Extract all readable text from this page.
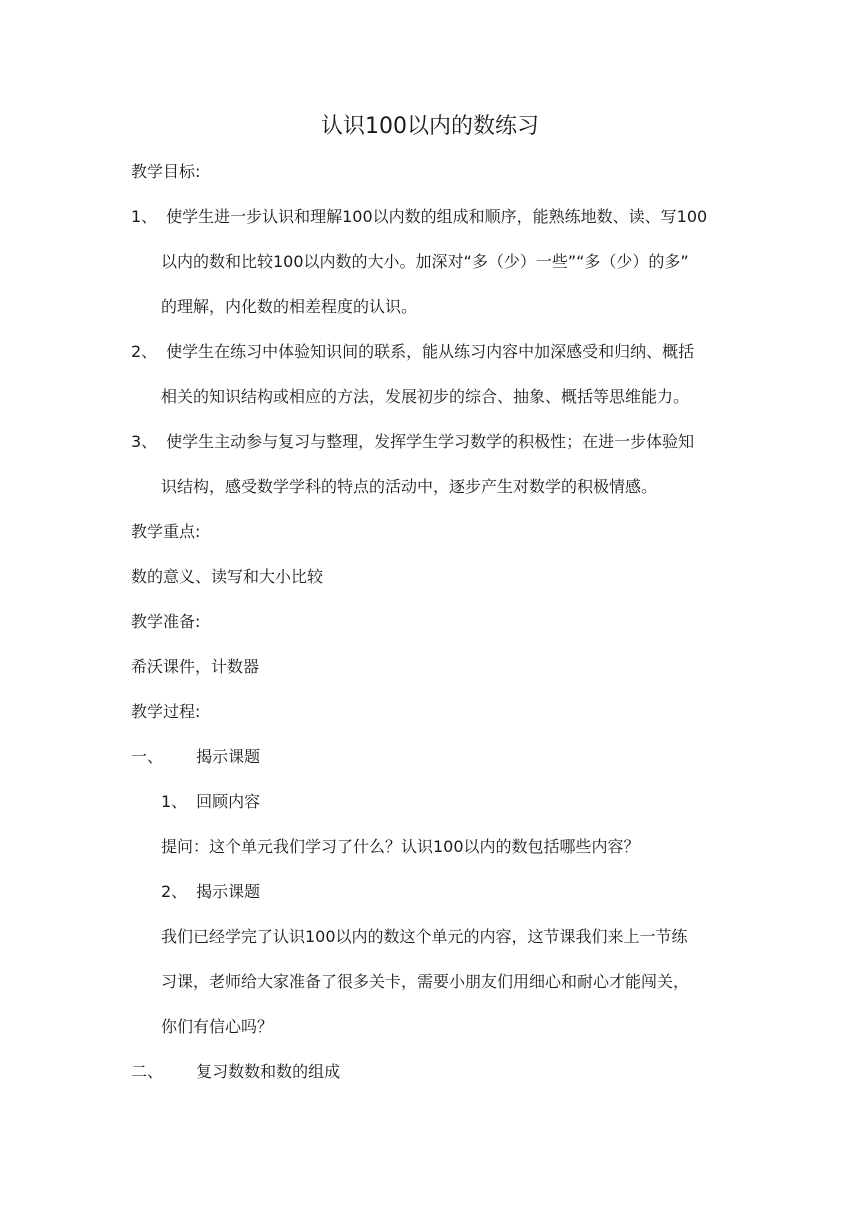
认识100以内的数练习
教学目标:
1、 使学生进一步认识和理解100以内数的组成和顺序，能熟练地数、读、写100
以内的数和比较100以内数的大小。加深对“多（少）一些”“多（少）的多”
的理解，内化数的相差程度的认识。
2、 使学生在练习中体验知识间的联系，能从练习内容中加深感受和归纳、概括
相关的知识结构或相应的方法，发展初步的综合、抽象、概括等思维能力。
3、 使学生主动参与复习与整理，发挥学生学习数学的积极性；在进一步体验知
识结构，感受数学学科的特点的活动中，逐步产生对数学的积极情感。
教学重点:
数的意义、读写和大小比较
教学准备:
希沃课件，计数器
教学过程:
一、 揭示课题
1、 回顾内容
提问：这个单元我们学习了什么？认识100以内的数包括哪些内容？
2、 揭示课题
我们已经学完了认识100以内的数这个单元的内容，这节课我们来上一节练
习课，老师给大家准备了很多关卡，需要小朋友们用细心和耐心才能闯关，
你们有信心吗？
二、 复习数数和数的组成
